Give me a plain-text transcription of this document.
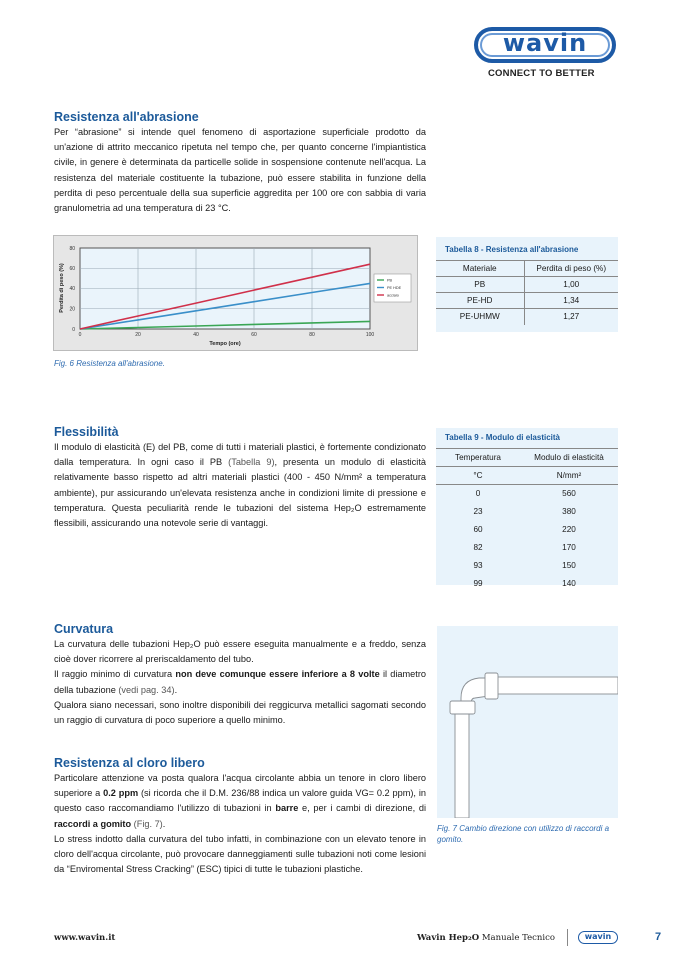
wavin
CONNECT TO BETTER
Resistenza all'abrasione

Per “abrasione” si intende quel fenomeno di asportazione superficiale prodotto da un'azione di attrito meccanico ripetuta nel tempo che, per quanto concerne l'impiantistica civile, in genere è determinata da particelle solide in sospensione contenute nell'acqua. La resistenza del materiale costituente la tubazione, può essere stabilita in funzione della perdita di peso percentuale della sua superficie aggredita per 100 ore con sabbia di varia granulometria ad una temperatura di 23 °C.

0	20	40	60	80	100
0
20
40
60
80
Tempo (ore)
Perdita di peso (%)	PB
PE HDE
acciaio
Fig. 6 Resistenza all'abrasione.
Tabella 8 - Resistenza all'abrasione
Materiale	Perdita di peso (%)
PB	1,00
PE-HD	1,34
PE-UHMW	1,27
Flessibilità

Il modulo di elasticità (E) del PB, come di tutti i materiali plastici, è fortemente condizionato dalla temperatura. In ogni caso il PB (Tabella 9), presenta un modulo di elasticità relativamente basso rispetto ad altri materiali plastici (400 - 450 N/mm² a temperatura ambiente), pur assicurando un'elevata resistenza anche in condizioni limite di pressione e temperatura. Questa peculiarità rende le tubazioni del sistema Hep₂O estremamente flessibili, assicurando una notevole serie di vantaggi.

Tabella 9 - Modulo di elasticità
Temperatura	Modulo di elasticità
°C	N/mm²
0	560
23	380
60	220
82	170
93	150
99	140
Curvatura

La curvatura delle tubazioni Hep₂O può essere eseguita manualmente e a freddo, senza cioè dover ricorrere al preriscaldamento del tubo.

Il raggio minimo di curvatura non deve comunque essere inferiore a 8 volte il diametro della tubazione (vedi pag. 34).

Qualora siano necessari, sono inoltre disponibili dei reggicurva metallici sagomati secondo un raggio di curvatura di poco superiore a quello minimo.

Resistenza al cloro libero

Particolare attenzione va posta qualora l'acqua circolante abbia un tenore in cloro libero superiore a 0.2 ppm (si ricorda che il D.M. 236/88 indica un valore guida VG= 0.2 ppm), in questo caso raccomandiamo l'utilizzo di tubazioni in barre e, per i cambi di direzione, di raccordi a gomito (Fig. 7).

Lo stress indotto dalla curvatura del tubo infatti, in combinazione con un elevato tenore in cloro dell'acqua circolante, può provocare danneggiamenti sulle tubazioni noti come lesioni da “Enviromental Stress Cracking” (ESC) tipici di tutte le tubazioni plastiche.

Fig. 7 Cambio direzione con utilizzo di raccordi a gomito.
www.wavin.it	Wavin Hep₂O Manuale Tecnico	wavin	7
